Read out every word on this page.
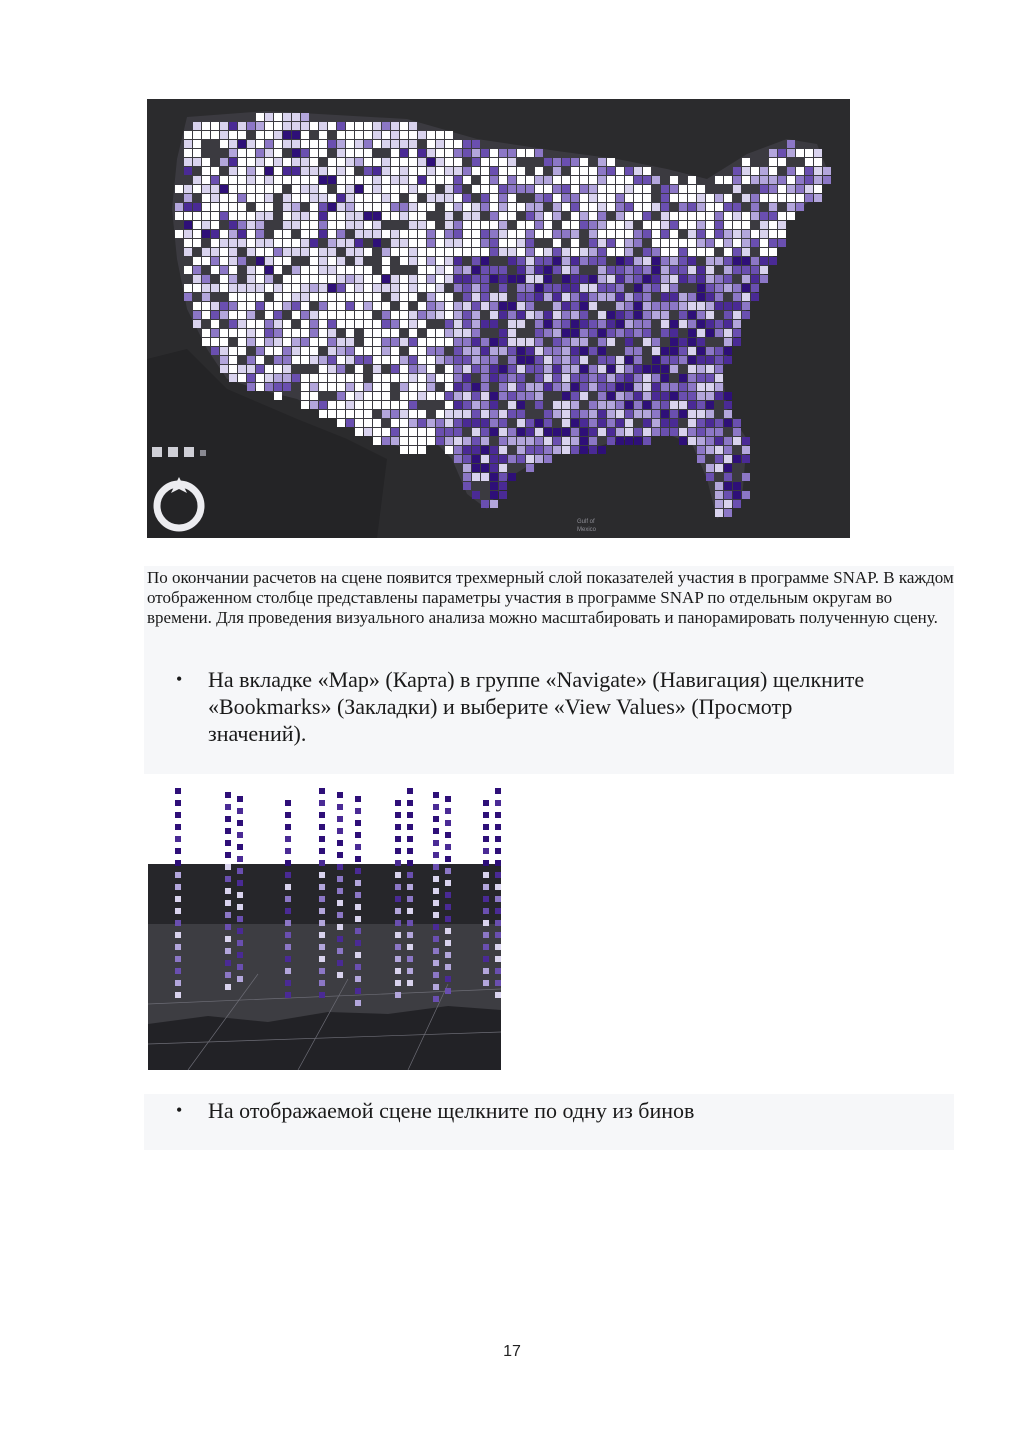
Gulf of
Mexico
По окончании расчетов на сцене появится трехмерный слой показателей участия в программе SNAP. В каждом отображенном столбце представлены параметры участия в программе SNAP по отдельным округам во времени. Для проведения визуального анализа можно масштабировать и панорамировать полученную сцену.
•	На вкладке «Map» (Карта) в группе «Navigate» (Навигация) щелкните
«Bookmarks» (Закладки) и выберите «View Values» (Просмотр
значений).
•	На отображаемой сцене щелкните по одну из бинов
17
